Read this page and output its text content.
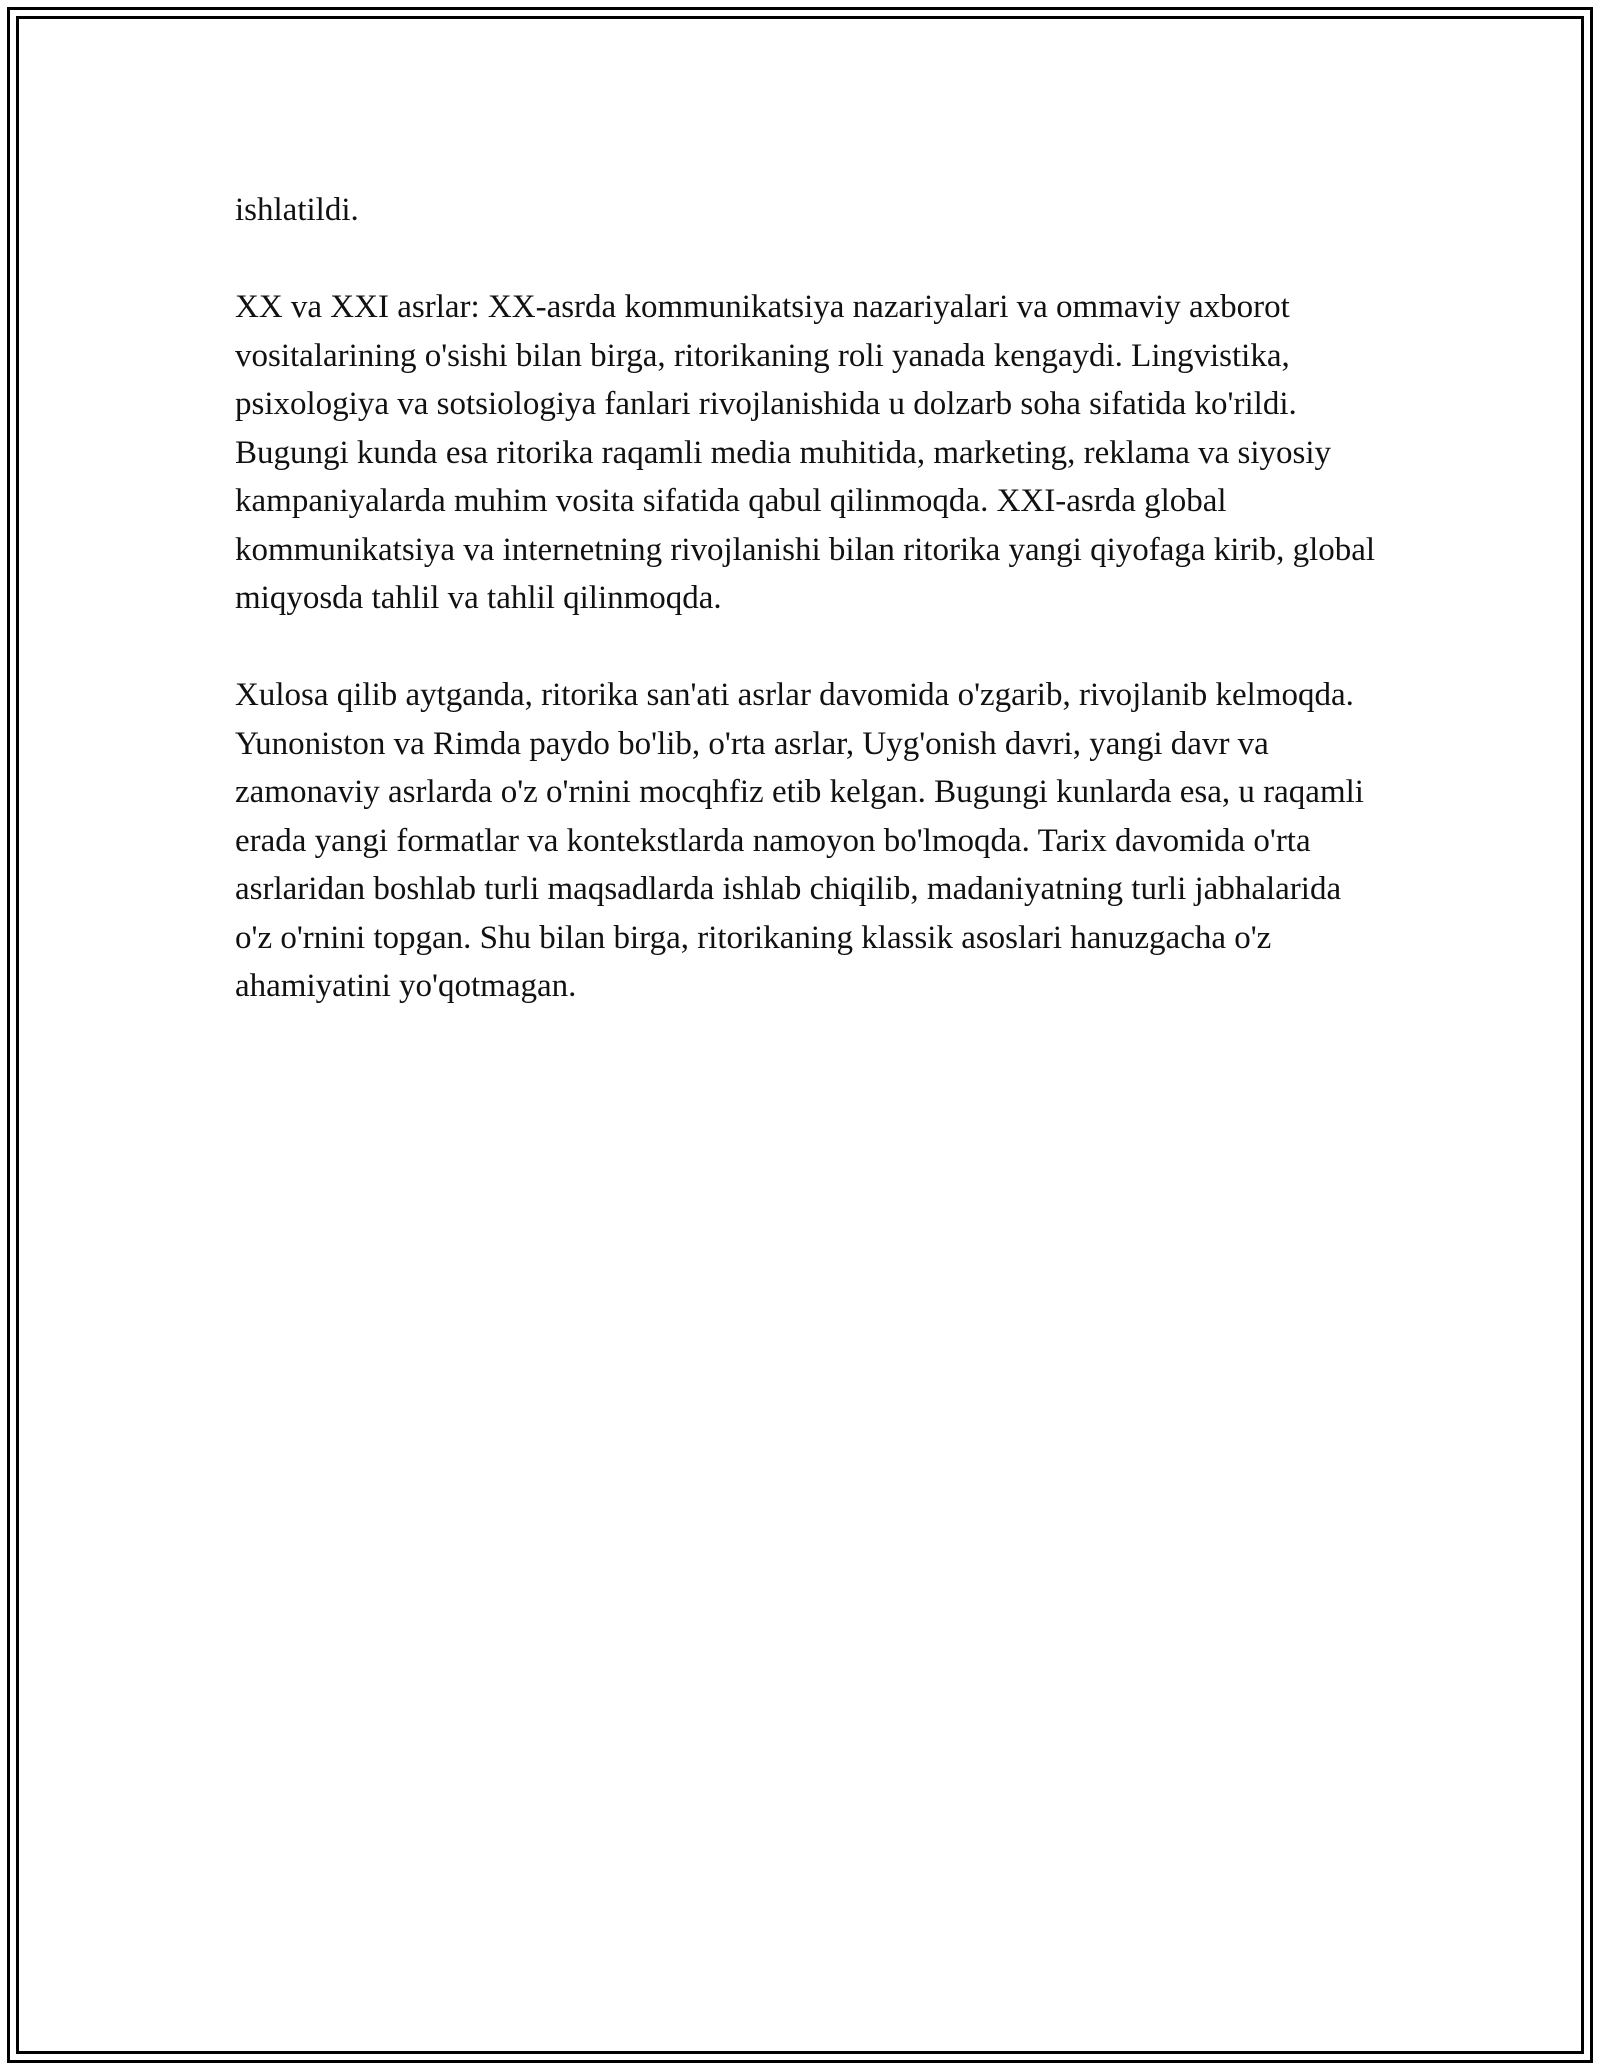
ishlatildi.

XX va XXI asrlar: XX-asrda kommunikatsiya nazariyalari va ommaviy axborot vositalarining o'sishi bilan birga, ritorikaning roli yanada kengaydi. Lingvistika, psixologiya va sotsiologiya fanlari rivojlanishida u dolzarb soha sifatida ko'rildi. Bugungi kunda esa ritorika raqamli media muhitida, marketing, reklama va siyosiy kampaniyalarda muhim vosita sifatida qabul qilinmoqda. XXI-asrda global kommunikatsiya va internetning rivojlanishi bilan ritorika yangi qiyofaga kirib, global miqyosda tahlil va tahlil qilinmoqda.

Xulosa qilib aytganda, ritorika san'ati asrlar davomida o'zgarib, rivojlanib kelmoqda. Yunoniston va Rimda paydo bo'lib, o'rta asrlar, Uyg'onish davri, yangi davr va zamonaviy asrlarda o'z o'rnini mocqhfiz etib kelgan. Bugungi kunlarda esa, u raqamli erada yangi formatlar va kontekstlarda namoyon bo'lmoqda. Tarix davomida o'rta asrlaridan boshlab turli maqsadlarda ishlab chiqilib, madaniyatning turli jabhalarida o'z o'rnini topgan. Shu bilan birga, ritorikaning klassik asoslari hanuzgacha o'z ahamiyatini yo'qotmagan.
